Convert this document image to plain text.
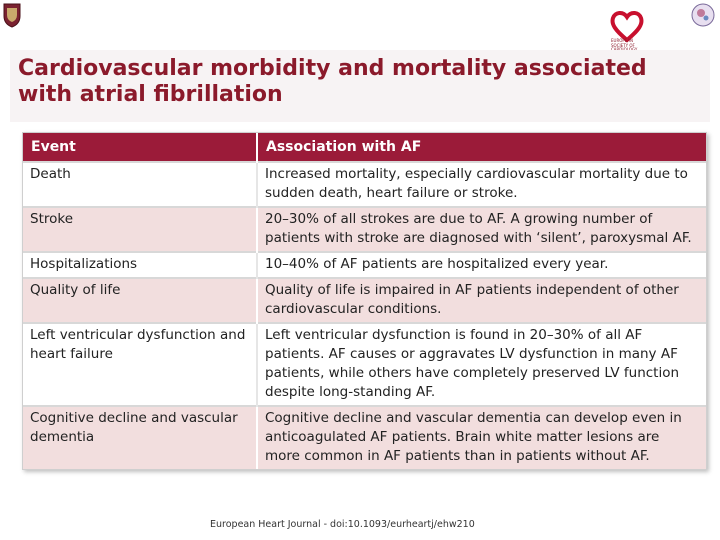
EUROPEAN SOCIETY OF
Cardiovascular morbidity and mortality associated with atrial fibrillation
Event	Association with AF
Death	Increased mortality, especially cardiovascular mortality due to sudden death, heart failure or stroke.
Stroke	20–30% of all strokes are due to AF. A growing number of patients with stroke are diagnosed with ‘silent’, paroxysmal AF.
Hospitalizations	10–40% of AF patients are hospitalized every year.
Quality of life	Quality of life is impaired in AF patients independent of other cardiovascular conditions.
Left ventricular dysfunction and heart failure	Left ventricular dysfunction is found in 20–30% of all AF patients. AF causes or aggravates LV dysfunction in many AF patients, while others have completely preserved LV function despite long-standing AF.
Cognitive decline and vascular dementia	Cognitive decline and vascular dementia can develop even in anticoagulated AF patients. Brain white matter lesions are more common in AF patients than in patients without AF.
European Heart Journal - doi:10.1093/eurheartj/ehw210
